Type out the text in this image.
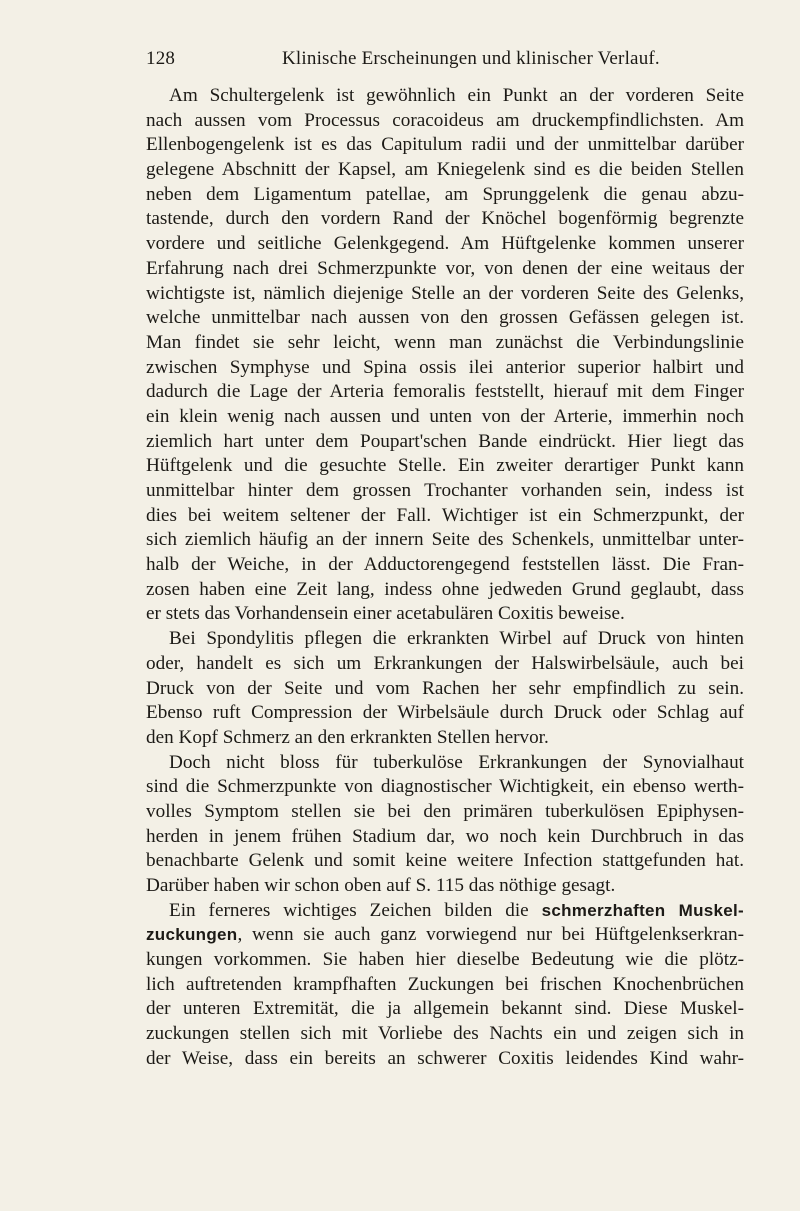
128	Klinische Erscheinungen und klinischer Verlauf.
Am Schultergelenk ist gewöhnlich ein Punkt an der vorderen Seite
nach aussen vom Processus coracoideus am druckempfindlichsten. Am
Ellenbogengelenk ist es das Capitulum radii und der unmittelbar darüber
gelegene Abschnitt der Kapsel, am Kniegelenk sind es die beiden Stellen
neben dem Ligamentum patellae, am Sprunggelenk die genau abzu-
tastende, durch den vordern Rand der Knöchel bogenförmig begrenzte
vordere und seitliche Gelenkgegend. Am Hüftgelenke kommen unserer
Erfahrung nach drei Schmerzpunkte vor, von denen der eine weitaus der
wichtigste ist, nämlich diejenige Stelle an der vorderen Seite des Gelenks,
welche unmittelbar nach aussen von den grossen Gefässen gelegen ist.
Man findet sie sehr leicht, wenn man zunächst die Verbindungslinie
zwischen Symphyse und Spina ossis ilei anterior superior halbirt und
dadurch die Lage der Arteria femoralis feststellt, hierauf mit dem Finger
ein klein wenig nach aussen und unten von der Arterie, immerhin noch
ziemlich hart unter dem Poupart'schen Bande eindrückt. Hier liegt das
Hüftgelenk und die gesuchte Stelle. Ein zweiter derartiger Punkt kann
unmittelbar hinter dem grossen Trochanter vorhanden sein, indess ist
dies bei weitem seltener der Fall. Wichtiger ist ein Schmerzpunkt, der
sich ziemlich häufig an der innern Seite des Schenkels, unmittelbar unter-
halb der Weiche, in der Adductorengegend feststellen lässt. Die Fran-
zosen haben eine Zeit lang, indess ohne jedweden Grund geglaubt, dass
er stets das Vorhandensein einer acetabulären Coxitis beweise.
Bei Spondylitis pflegen die erkrankten Wirbel auf Druck von hinten
oder, handelt es sich um Erkrankungen der Halswirbelsäule, auch bei
Druck von der Seite und vom Rachen her sehr empfindlich zu sein.
Ebenso ruft Compression der Wirbelsäule durch Druck oder Schlag auf
den Kopf Schmerz an den erkrankten Stellen hervor.
Doch nicht bloss für tuberkulöse Erkrankungen der Synovialhaut
sind die Schmerzpunkte von diagnostischer Wichtigkeit, ein ebenso werth-
volles Symptom stellen sie bei den primären tuberkulösen Epiphysen-
herden in jenem frühen Stadium dar, wo noch kein Durchbruch in das
benachbarte Gelenk und somit keine weitere Infection stattgefunden hat.
Darüber haben wir schon oben auf S. 115 das nöthige gesagt.
Ein ferneres wichtiges Zeichen bilden die schmerzhaften Muskel-
zuckungen, wenn sie auch ganz vorwiegend nur bei Hüftgelenkserkran-
kungen vorkommen. Sie haben hier dieselbe Bedeutung wie die plötz-
lich auftretenden krampfhaften Zuckungen bei frischen Knochenbrüchen
der unteren Extremität, die ja allgemein bekannt sind. Diese Muskel-
zuckungen stellen sich mit Vorliebe des Nachts ein und zeigen sich in
der Weise, dass ein bereits an schwerer Coxitis leidendes Kind wahr-
